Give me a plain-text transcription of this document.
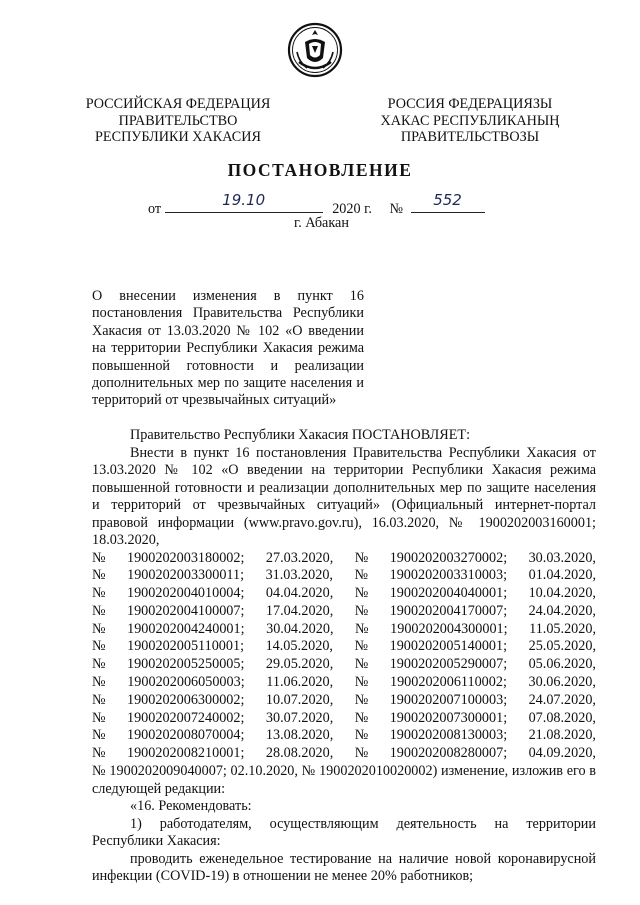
РОССИЙСКАЯ ФЕДЕРАЦИЯ
ПРАВИТЕЛЬСТВО
РЕСПУБЛИКИ ХАКАСИЯ
РОССИЯ ФЕДЕРАЦИЯЗЫ
ХАКАС РЕСПУБЛИКАНЫҢ
ПРАВИТЕЛЬСТВОЗЫ
ПОСТАНОВЛЕНИЕ
от	19.10	2020 г. №	552
г. Абакан
О внесении изменения в пункт 16 постановления Правительства Республики Хакасия от 13.03.2020 № 102 «О введении на территории Республики Хакасия режима повышенной готовности и реализации дополнительных мер по защите населения и территорий от чрезвычайных ситуаций»

Правительство Республики Хакасия ПОСТАНОВЛЯЕТ:

Внести в пункт 16 постановления Правительства Республики Хакасия от 13.03.2020 № 102 «О введении на территории Республики Хакасия режима повышенной готовности и реализации дополнительных мер по защите населения и территорий от чрезвычайных ситуаций» (Официальный интернет-портал правовой информации (www.pravo.gov.ru), 16.03.2020, № 1900202003160001; 18.03.2020,

№ 1900202003180002; 27.03.2020, № 1900202003270002; 30.03.2020,
№ 1900202003300011; 31.03.2020, № 1900202003310003; 01.04.2020,
№ 1900202004010004; 04.04.2020, № 1900202004040001; 10.04.2020,
№ 1900202004100007; 17.04.2020, № 1900202004170007; 24.04.2020,
№ 1900202004240001; 30.04.2020, № 1900202004300001; 11.05.2020,
№ 1900202005110001; 14.05.2020, № 1900202005140001; 25.05.2020,
№ 1900202005250005; 29.05.2020, № 1900202005290007; 05.06.2020,
№ 1900202006050003; 11.06.2020, № 1900202006110002; 30.06.2020,
№ 1900202006300002; 10.07.2020, № 1900202007100003; 24.07.2020,
№ 1900202007240002; 30.07.2020, № 1900202007300001; 07.08.2020,
№ 1900202008070004; 13.08.2020, № 1900202008130003; 21.08.2020,
№ 1900202008210001; 28.08.2020, № 1900202008280007; 04.09.2020,

№ 1900202009040007; 02.10.2020, № 1900202010020002) изменение, изложив его в следующей редакции:

«16. Рекомендовать:

1) работодателям, осуществляющим деятельность на территории Республики Хакасия:

проводить еженедельное тестирование на наличие новой коронавирусной инфекции (COVID-19) в отношении не менее 20% работников;
